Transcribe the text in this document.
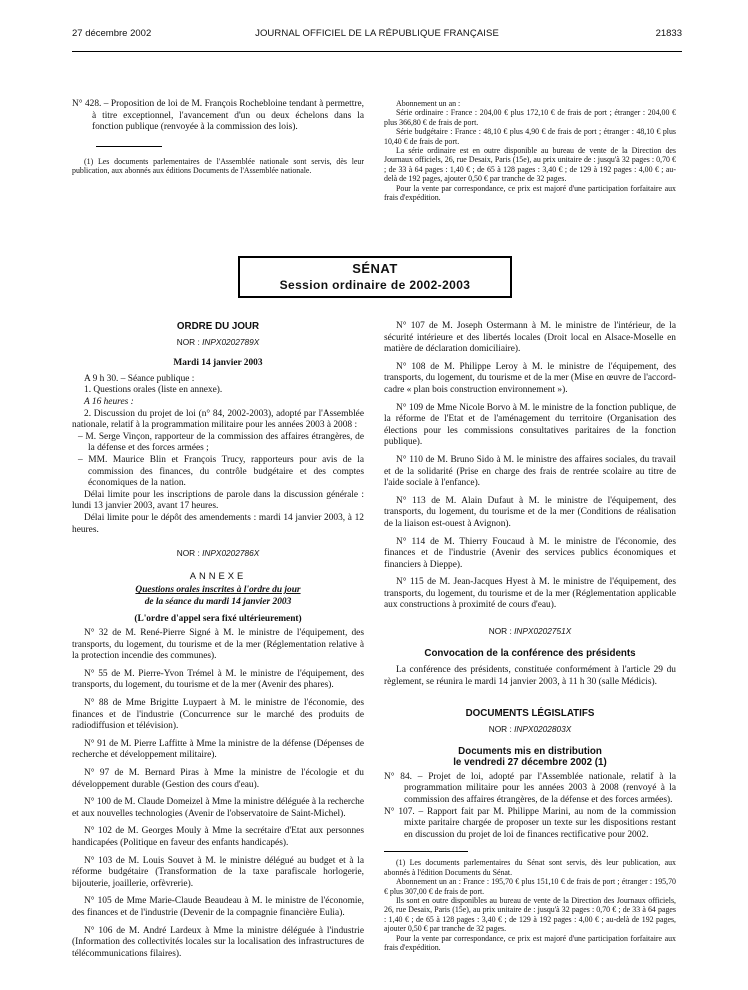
27 décembre 2002	JOURNAL OFFICIEL DE LA RÉPUBLIQUE FRANÇAISE	21833

N° 428. – Proposition de loi de M. François Rochebloine tendant à permettre, à titre exceptionnel, l'avancement d'un ou deux échelons dans la fonction publique (renvoyée à la commission des lois).

(1) Les documents parlementaires de l'Assemblée nationale sont servis, dès leur publication, aux abonnés aux éditions Documents de l'Assemblée nationale.

Abonnement un an :

Série ordinaire : France : 204,00 € plus 172,10 € de frais de port ; étranger : 204,00 € plus 366,80 € de frais de port.

Série budgétaire : France : 48,10 € plus 4,90 € de frais de port ; étranger : 48,10 € plus 10,40 € de frais de port.

La série ordinaire est en outre disponible au bureau de vente de la Direction des Journaux officiels, 26, rue Desaix, Paris (15e), au prix unitaire de : jusqu'à 32 pages : 0,70 € ; de 33 à 64 pages : 1,40 € ; de 65 à 128 pages : 3,40 € ; de 129 à 192 pages : 4,00 € ; au-delà de 192 pages, ajouter 0,50 € par tranche de 32 pages.

Pour la vente par correspondance, ce prix est majoré d'une participation forfaitaire aux frais d'expédition.

SÉNAT
Session ordinaire de 2002-2003
ORDRE DU JOUR
NOR : INPX0202789X

Mardi 14 janvier 2003

A 9 h 30. – Séance publique :

1. Questions orales (liste en annexe).

A 16 heures :

2. Discussion du projet de loi (n° 84, 2002-2003), adopté par l'Assemblée nationale, relatif à la programmation militaire pour les années 2003 à 2008 :

– M. Serge Vinçon, rapporteur de la commission des affaires étrangères, de la défense et des forces armées ;

– MM. Maurice Blin et François Trucy, rapporteurs pour avis de la commission des finances, du contrôle budgétaire et des comptes économiques de la nation.

Délai limite pour les inscriptions de parole dans la discussion générale : lundi 13 janvier 2003, avant 17 heures.

Délai limite pour le dépôt des amendements : mardi 14 janvier 2003, à 12 heures.

NOR : INPX0202786X
ANNEXE

Questions orales inscrites à l'ordre du jour

de la séance du mardi 14 janvier 2003

(L'ordre d'appel sera fixé ultérieurement)

N° 32 de M. René-Pierre Signé à M. le ministre de l'équipement, des transports, du logement, du tourisme et de la mer (Réglementation relative à la protection incendie des communes).

N° 55 de M. Pierre-Yvon Trémel à M. le ministre de l'équipement, des transports, du logement, du tourisme et de la mer (Avenir des phares).

N° 88 de Mme Brigitte Luypaert à M. le ministre de l'économie, des finances et de l'industrie (Concurrence sur le marché des produits de radiodiffusion et télévision).

N° 91 de M. Pierre Laffitte à Mme la ministre de la défense (Dépenses de recherche et développement militaire).

N° 97 de M. Bernard Piras à Mme la ministre de l'écologie et du développement durable (Gestion des cours d'eau).

N° 100 de M. Claude Domeizel à Mme la ministre déléguée à la recherche et aux nouvelles technologies (Avenir de l'observatoire de Saint-Michel).

N° 102 de M. Georges Mouly à Mme la secrétaire d'Etat aux personnes handicapées (Politique en faveur des enfants handicapés).

N° 103 de M. Louis Souvet à M. le ministre délégué au budget et à la réforme budgétaire (Transformation de la taxe parafiscale horlogerie, bijouterie, joaillerie, orfèvrerie).

N° 105 de Mme Marie-Claude Beaudeau à M. le ministre de l'économie, des finances et de l'industrie (Devenir de la compagnie financière Eulia).

N° 106 de M. André Lardeux à Mme la ministre déléguée à l'industrie (Information des collectivités locales sur la localisation des infrastructures de télécommunications filaires).

N° 107 de M. Joseph Ostermann à M. le ministre de l'intérieur, de la sécurité intérieure et des libertés locales (Droit local en Alsace-Moselle en matière de déclaration domiciliaire).

N° 108 de M. Philippe Leroy à M. le ministre de l'équipement, des transports, du logement, du tourisme et de la mer (Mise en œuvre de l'accord-cadre « plan bois construction environnement »).

N° 109 de Mme Nicole Borvo à M. le ministre de la fonction publique, de la réforme de l'Etat et de l'aménagement du territoire (Organisation des élections pour les commissions consultatives paritaires de la fonction publique).

N° 110 de M. Bruno Sido à M. le ministre des affaires sociales, du travail et de la solidarité (Prise en charge des frais de rentrée scolaire au titre de l'aide sociale à l'enfance).

N° 113 de M. Alain Dufaut à M. le ministre de l'équipement, des transports, du logement, du tourisme et de la mer (Conditions de réalisation de la liaison est-ouest à Avignon).

N° 114 de M. Thierry Foucaud à M. le ministre de l'économie, des finances et de l'industrie (Avenir des services publics économiques et financiers à Dieppe).

N° 115 de M. Jean-Jacques Hyest à M. le ministre de l'équipement, des transports, du logement, du tourisme et de la mer (Réglementation applicable aux constructions à proximité de cours d'eau).

NOR : INPX0202751X
Convocation de la conférence des présidents

La conférence des présidents, constituée conformément à l'article 29 du règlement, se réunira le mardi 14 janvier 2003, à 11 h 30 (salle Médicis).

DOCUMENTS LÉGISLATIFS
NOR : INPX0202803X
Documents mis en distribution
le vendredi 27 décembre 2002 (1)

N° 84. – Projet de loi, adopté par l'Assemblée nationale, relatif à la programmation militaire pour les années 2003 à 2008 (renvoyé à la commission des affaires étrangères, de la défense et des forces armées).

N° 107. – Rapport fait par M. Philippe Marini, au nom de la commission mixte paritaire chargée de proposer un texte sur les dispositions restant en discussion du projet de loi de finances rectificative pour 2002.

(1) Les documents parlementaires du Sénat sont servis, dès leur publication, aux abonnés à l'édition Documents du Sénat.

Abonnement un an : France : 195,70 € plus 151,10 € de frais de port ; étranger : 195,70 € plus 307,00 € de frais de port.

Ils sont en outre disponibles au bureau de vente de la Direction des Journaux officiels, 26, rue Desaix, Paris (15e), au prix unitaire de : jusqu'à 32 pages : 0,70 € ; de 33 à 64 pages : 1,40 € ; de 65 à 128 pages : 3,40 € ; de 129 à 192 pages : 4,00 € ; au-delà de 192 pages, ajouter 0,50 € par tranche de 32 pages.

Pour la vente par correspondance, ce prix est majoré d'une participation forfaitaire aux frais d'expédition.
